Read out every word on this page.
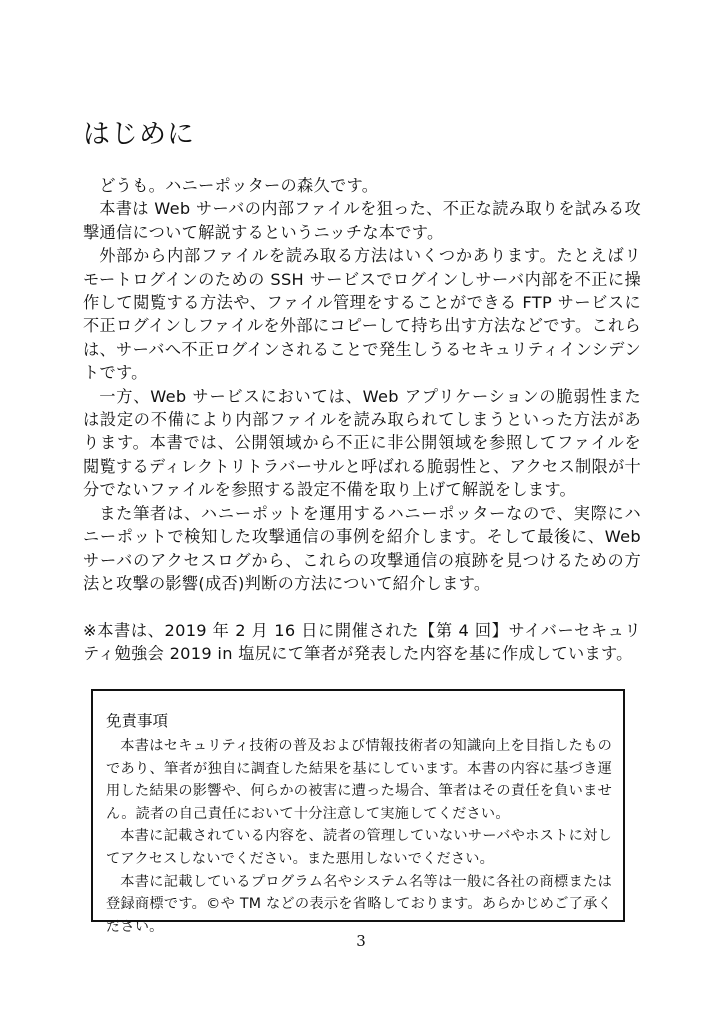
はじめに

どうも。ハニーポッターの森久です。

本書は Web サーバの内部ファイルを狙った、不正な読み取りを試みる攻撃通信について解説するというニッチな本です。

外部から内部ファイルを読み取る方法はいくつかあります。たとえばリモートログインのための SSH サービスでログインしサーバ内部を不正に操作して閲覧する方法や、ファイル管理をすることができる FTP サービスに不正ログインしファイルを外部にコピーして持ち出す方法などです。これらは、サーバへ不正ログインされることで発生しうるセキュリティインシデントです。

一方、Web サービスにおいては、Web アプリケーションの脆弱性または設定の不備により内部ファイルを読み取られてしまうといった方法があります。本書では、公開領域から不正に非公開領域を参照してファイルを閲覧するディレクトリトラバーサルと呼ばれる脆弱性と、アクセス制限が十分でないファイルを参照する設定不備を取り上げて解説をします。

また筆者は、ハニーポットを運用するハニーポッターなので、実際にハニーポットで検知した攻撃通信の事例を紹介します。そして最後に、Web サーバのアクセスログから、これらの攻撃通信の痕跡を見つけるための方法と攻撃の影響(成否)判断の方法について紹介します。

※本書は、2019 年 2 月 16 日に開催された【第 4 回】サイバーセキュリティ勉強会 2019 in 塩尻にて筆者が発表した内容を基に作成しています。

免責事項

本書はセキュリティ技術の普及および情報技術者の知識向上を目指したものであり、筆者が独自に調査した結果を基にしています。本書の内容に基づき運用した結果の影響や、何らかの被害に遭った場合、筆者はその責任を負いません。読者の自己責任において十分注意して実施してください。

本書に記載されている内容を、読者の管理していないサーバやホストに対してアクセスしないでください。また悪用しないでください。

本書に記載しているプログラム名やシステム名等は一般に各社の商標または登録商標です。©や TM などの表示を省略しております。あらかじめご了承ください。

3
